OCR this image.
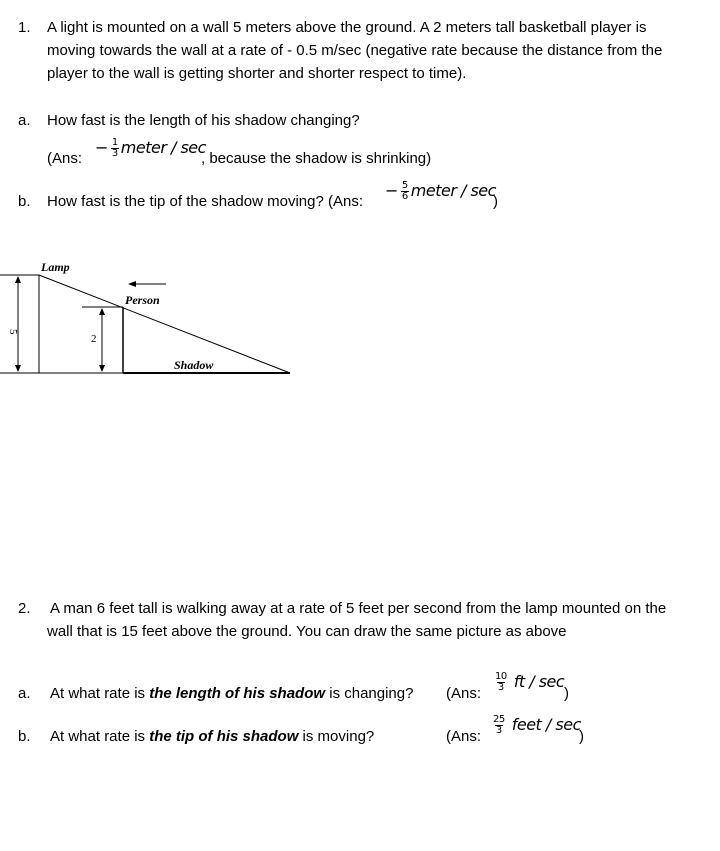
1. A light is mounted on a wall 5 meters above the ground. A 2 meters tall basketball player is
moving towards the wall at a rate of - 0.5 m/sec (negative rate because the distance from the
player to the wall is getting shorter and shorter respect to time).
a. How fast is the length of his shadow changing?
(Ans:
− $\frac{1}{3}$ meter / sec
, because the shadow is shrinking)
b. How fast is the tip of the shadow moving? (Ans:
− $\frac{5}{6}$ meter / sec
)
Lamp
Person
Shadow
5
2
2. A man 6 feet tall is walking away at a rate of 5 feet per second from the lamp mounted on the
wall that is 15 feet above the ground. You can draw the same picture as above
a. At what rate is the length of his shadow is changing? (Ans:
$\frac{10}{3}$ ft / sec
)
b. At what rate is the tip of his shadow is moving?	(Ans:
$\frac{25}{3}$ feet / sec
)
